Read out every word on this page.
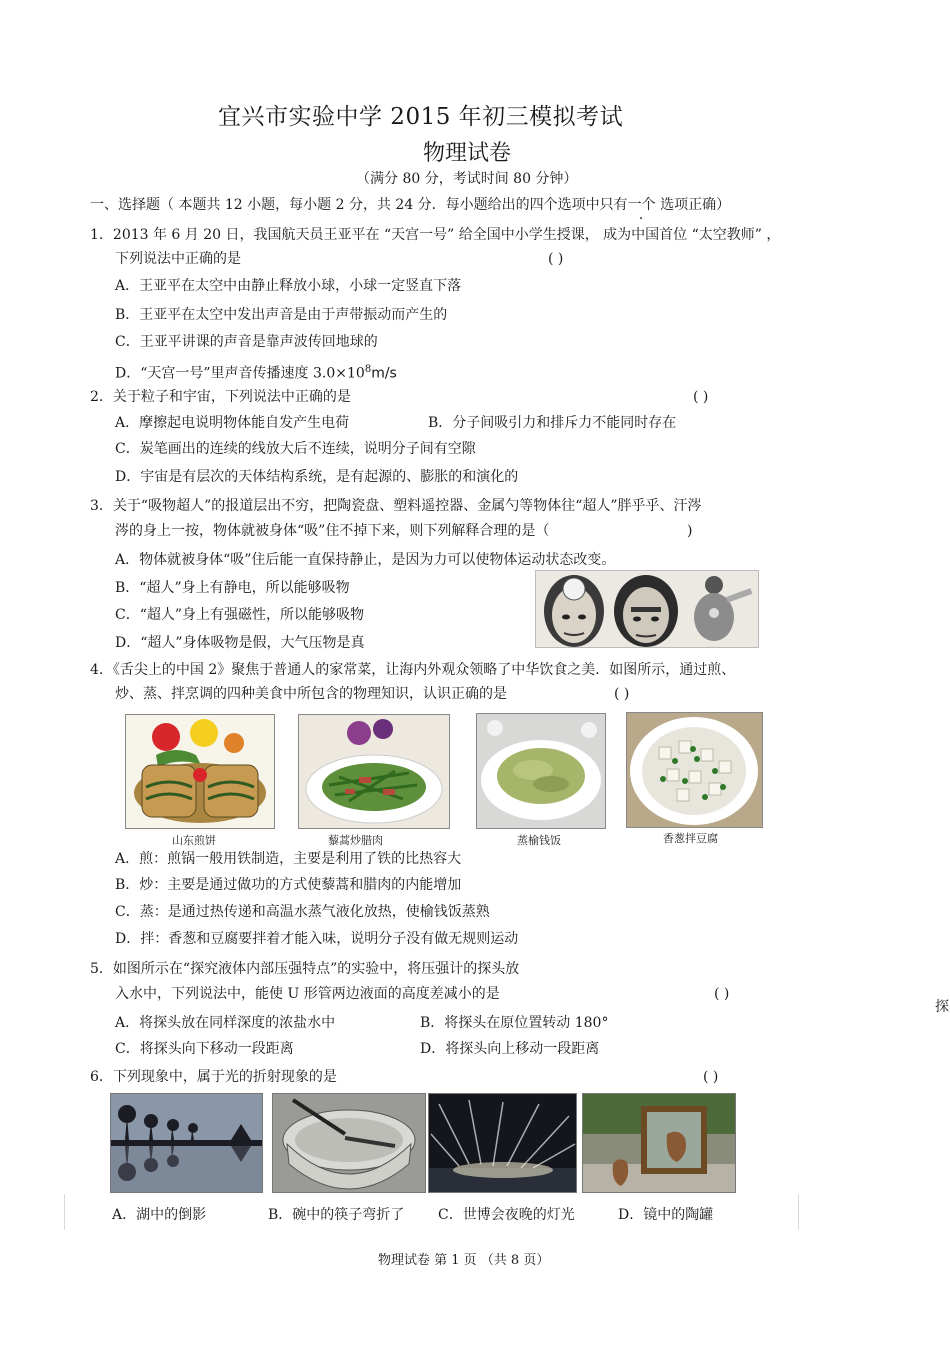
宜兴市实验中学 2015 年初三模拟考试
物理试卷
（满分 80 分，考试时间 80 分钟）
一、选择题（ 本题共 12 小题，每小题 2 分，共 24 分．每小题给出的四个选项中只有一个 选项正确）
1．2013 年 6 月 20 日，我国航天员王亚平在 “天宫一号” 给全国中小学生授课， 成为中国首位 “太空教师” ，
下列说法中正确的是	( )
A．王亚平在太空中由静止释放小球，小球一定竖直下落
B．王亚平在太空中发出声音是由于声带振动而产生的
C．王亚平讲课的声音是靠声波传回地球的
D．“天宫一号”里声音传播速度 $3.0\times 10^8m/s$
2．关于粒子和宇宙，下列说法中正确的是	( )
A．摩擦起电说明物体能自发产生电荷	B．分子间吸引力和排斥力不能同时存在
C．炭笔画出的连续的线放大后不连续，说明分子间有空隙
D．宇宙是有层次的天体结构系统，是有起源的、膨胀的和演化的
3．关于“吸物超人”的报道层出不穷，把陶瓷盘、塑料遥控器、金属勺等物体往“超人”胖乎乎、汗涔
涔的身上一按，物体就被身体“吸”住不掉下来，则下列解释合理的是（	)
A．物体就被身体“吸”住后能一直保持静止，是因为力可以使物体运动状态改变。
B．“超人”身上有静电，所以能够吸物
C．“超人”身上有强磁性，所以能够吸物
D．“超人”身体吸物是假，大气压物是真
4．《舌尖上的中国 2》聚焦于普通人的家常菜，让海内外观众领略了中华饮食之美．如图所示，通过煎、
炒、蒸、拌烹调的四种美食中所包含的物理知识，认识正确的是	( )
山东煎饼	藜蒿炒腊肉	蒸榆钱饭	香葱拌豆腐
A．煎：煎锅一般用铁制造，主要是利用了铁的比热容大
B．炒：主要是通过做功的方式使藜蒿和腊肉的内能增加
C．蒸：是通过热传递和高温水蒸气液化放热，使榆钱饭蒸熟
D．拌：香葱和豆腐要拌着才能入味，说明分子没有做无规则运动
5．如图所示在“探究液体内部压强特点”的实验中，将压强计的探头放
入水中，下列说法中，能使 U 形管两边液面的高度差减小的是	( )
探
A．将探头放在同样深度的浓盐水中	B．将探头在原位置转动 180°
C．将探头向下移动一段距离	D．将探头向上移动一段距离
6．下列现象中，属于光的折射现象的是	( )
A．湖中的倒影	B．碗中的筷子弯折了 C．世博会夜晚的灯光	D．镜中的陶罐
物理试卷 第 1 页 （共 8 页）
